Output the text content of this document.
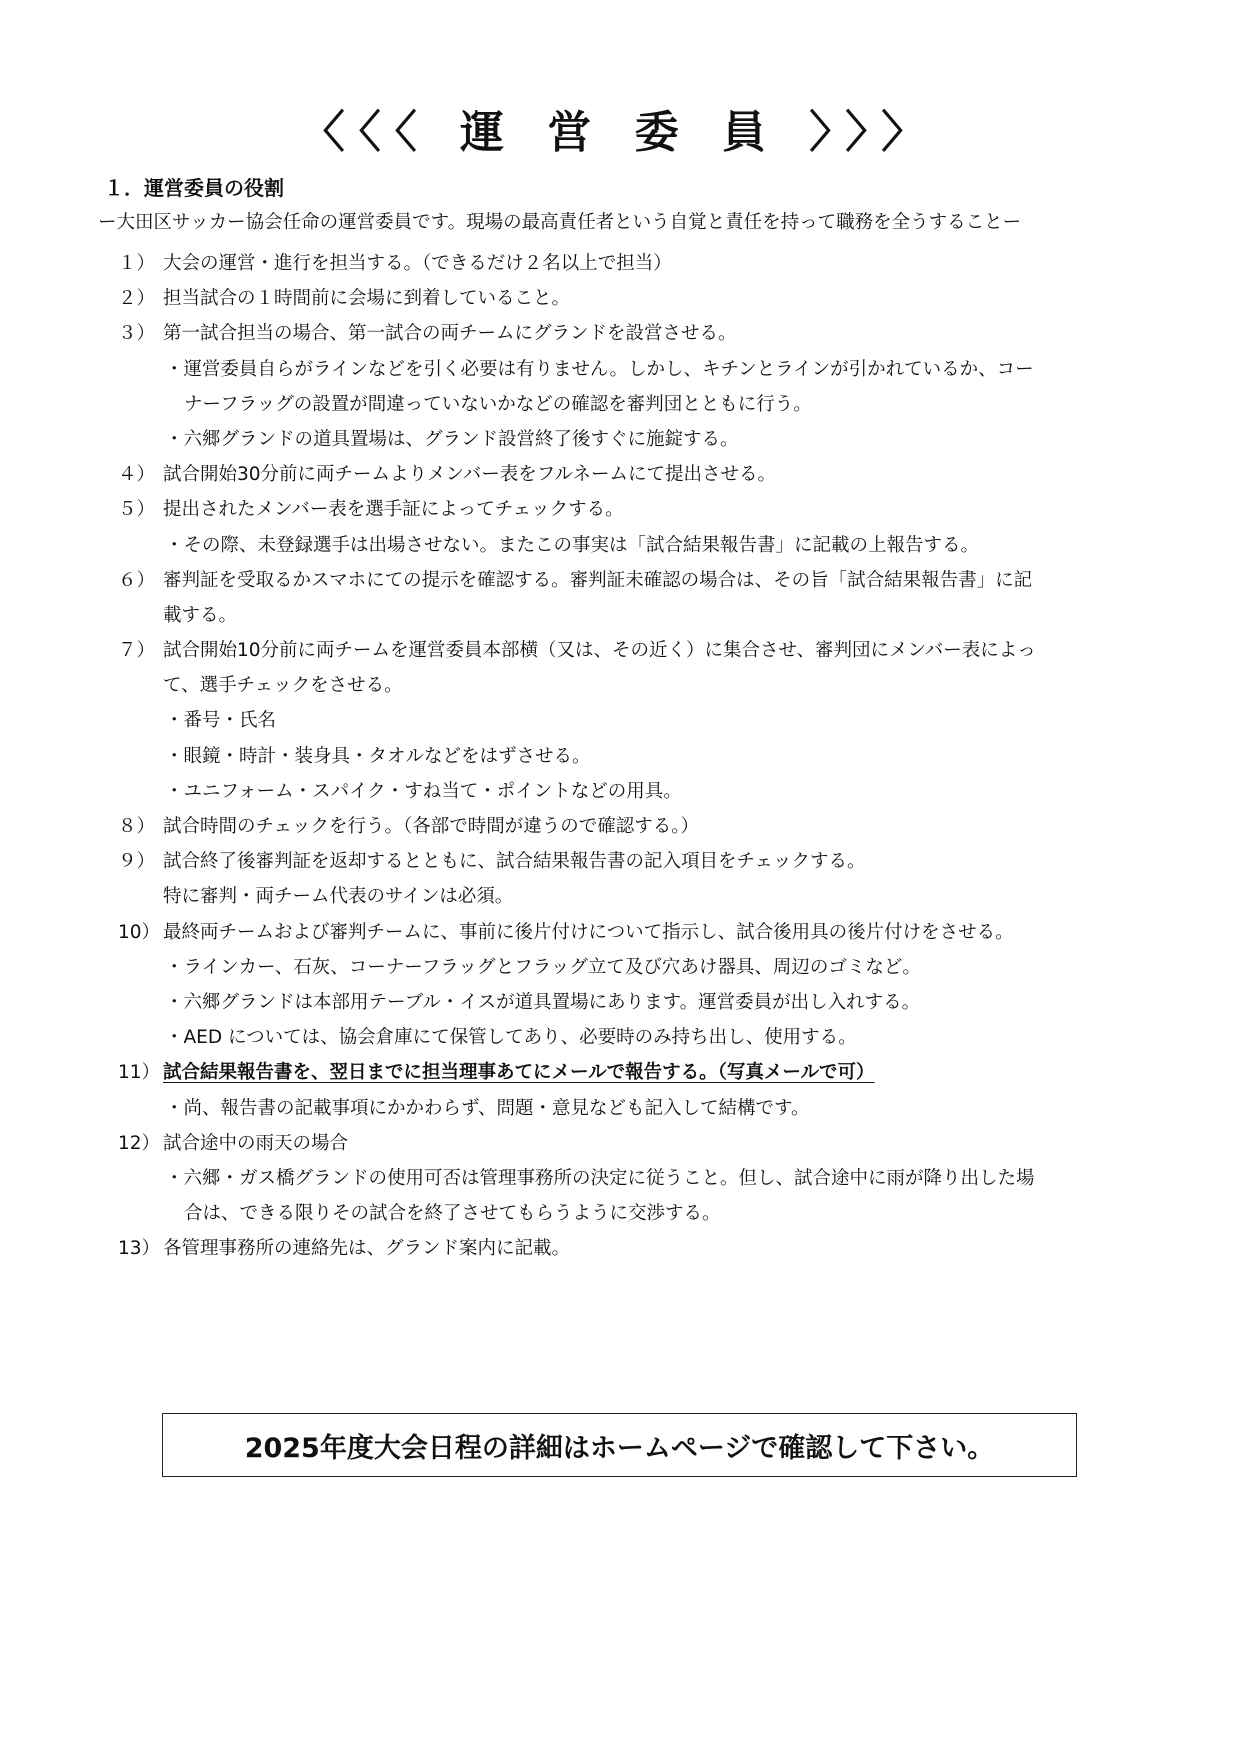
〈〈〈 運 営 委 員 〉〉〉
１．運営委員の役割

ー大田区サッカー協会任命の運営委員です。現場の最高責任者という自覚と責任を持って職務を全うすることー

１） 大会の運営・進行を担当する。（できるだけ２名以上で担当）
２） 担当試合の１時間前に会場に到着していること。
３） 第一試合担当の場合、第一試合の両チームにグランドを設営させる。
・運営委員自らがラインなどを引く必要は有りません。しかし、キチンとラインが引かれているか、コー
ナーフラッグの設置が間違っていないかなどの確認を審判団とともに行う。
・六郷グランドの道具置場は、グランド設営終了後すぐに施錠する。
４） 試合開始30分前に両チームよりメンバー表をフルネームにて提出させる。
５） 提出されたメンバー表を選手証によってチェックする。
・その際、未登録選手は出場させない。またこの事実は「試合結果報告書」に記載の上報告する。
６） 審判証を受取るかスマホにての提示を確認する。審判証未確認の場合は、その旨「試合結果報告書」に記
載する。
７） 試合開始10分前に両チームを運営委員本部横（又は、その近く）に集合させ、審判団にメンバー表によっ
て、選手チェックをさせる。
・番号・氏名
・眼鏡・時計・装身具・タオルなどをはずさせる。
・ユニフォーム・スパイク・すね当て・ポイントなどの用具。
８） 試合時間のチェックを行う。（各部で時間が違うので確認する。）
９） 試合終了後審判証を返却するとともに、試合結果報告書の記入項目をチェックする。
特に審判・両チーム代表のサインは必須。
10） 最終両チームおよび審判チームに、事前に後片付けについて指示し、試合後用具の後片付けをさせる。
・ラインカー、石灰、コーナーフラッグとフラッグ立て及び穴あけ器具、周辺のゴミなど。
・六郷グランドは本部用テーブル・イスが道具置場にあります。運営委員が出し入れする。
・AED については、協会倉庫にて保管してあり、必要時のみ持ち出し、使用する。
11） 試合結果報告書を、翌日までに担当理事あてにメールで報告する。（写真メールで可）
・尚、報告書の記載事項にかかわらず、問題・意見なども記入して結構です。
12） 試合途中の雨天の場合
・六郷・ガス橋グランドの使用可否は管理事務所の決定に従うこと。但し、試合途中に雨が降り出した場
合は、できる限りその試合を終了させてもらうように交渉する。
13） 各管理事務所の連絡先は、グランド案内に記載。
2025年度大会日程の詳細はホームページで確認して下さい。
